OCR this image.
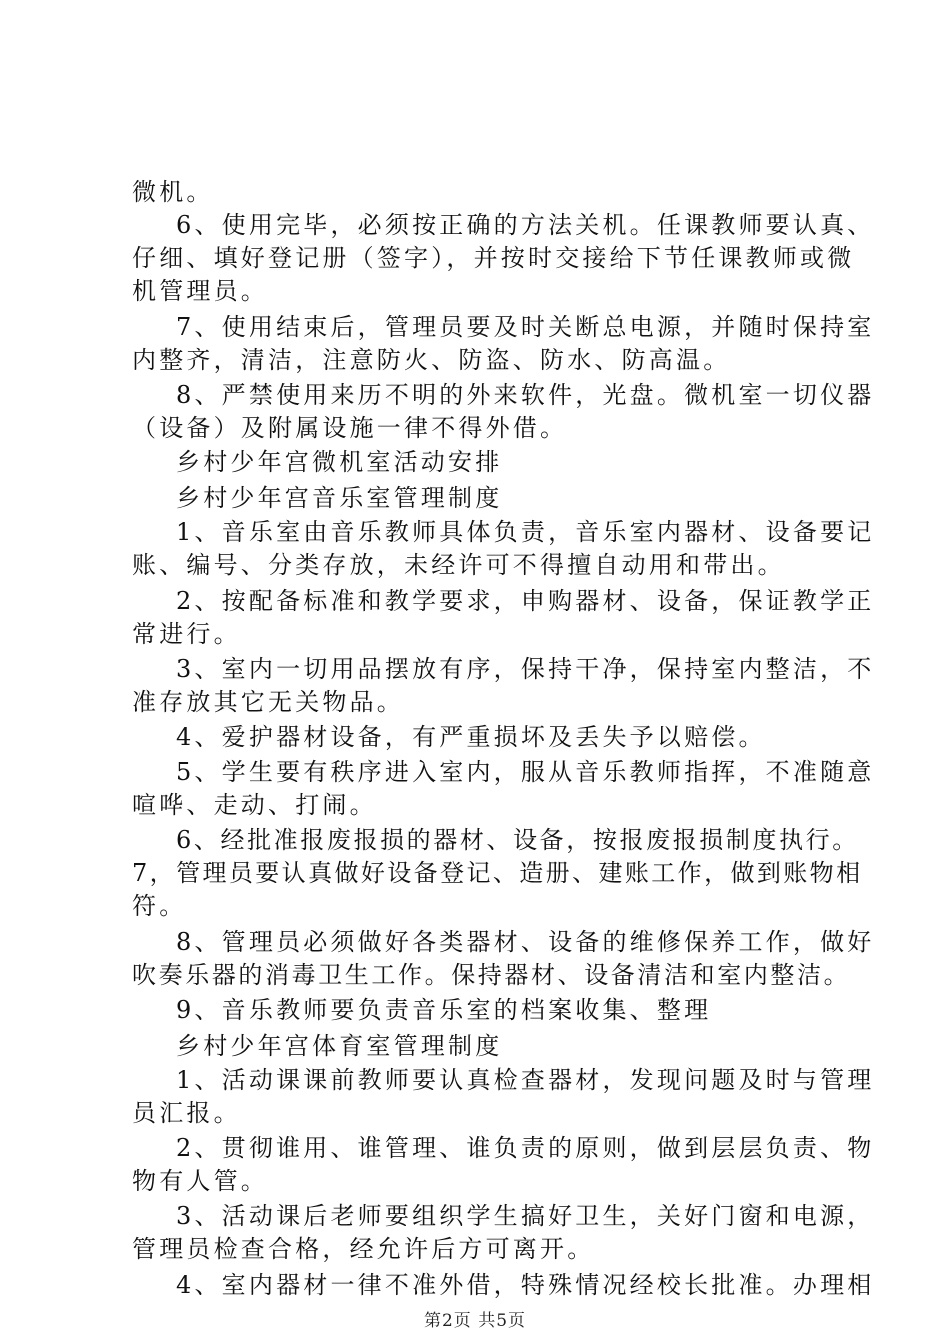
微机。
6、使用完毕，必须按正确的方法关机。任课教师要认真、
仔细、填好登记册（签字），并按时交接给下节任课教师或微
机管理员。
7、使用结束后，管理员要及时关断总电源，并随时保持室
内整齐，清洁，注意防火、防盗、防水、防高温。
8、严禁使用来历不明的外来软件，光盘。微机室一切仪器
（设备）及附属设施一律不得外借。
乡村少年宫微机室活动安排
乡村少年宫音乐室管理制度
1、音乐室由音乐教师具体负责，音乐室内器材、设备要记
账、编号、分类存放，未经许可不得擅自动用和带出。
2、按配备标准和教学要求，申购器材、设备，保证教学正
常进行。
3、室内一切用品摆放有序，保持干净，保持室内整洁，不
准存放其它无关物品。
4、爱护器材设备，有严重损坏及丢失予以赔偿。
5、学生要有秩序进入室内，服从音乐教师指挥，不准随意
喧哗、走动、打闹。
6、经批准报废报损的器材、设备，按报废报损制度执行。
7，管理员要认真做好设备登记、造册、建账工作，做到账物相
符。
8、管理员必须做好各类器材、设备的维修保养工作，做好
吹奏乐器的消毒卫生工作。保持器材、设备清洁和室内整洁。
9、音乐教师要负责音乐室的档案收集、整理
乡村少年宫体育室管理制度
1、活动课课前教师要认真检查器材，发现问题及时与管理
员汇报。
2、贯彻谁用、谁管理、谁负责的原则，做到层层负责、物
物有人管。
3、活动课后老师要组织学生搞好卫生，关好门窗和电源，
管理员检查合格，经允许后方可离开。
4、室内器材一律不准外借，特殊情况经校长批准。办理相
第2页 共5页
